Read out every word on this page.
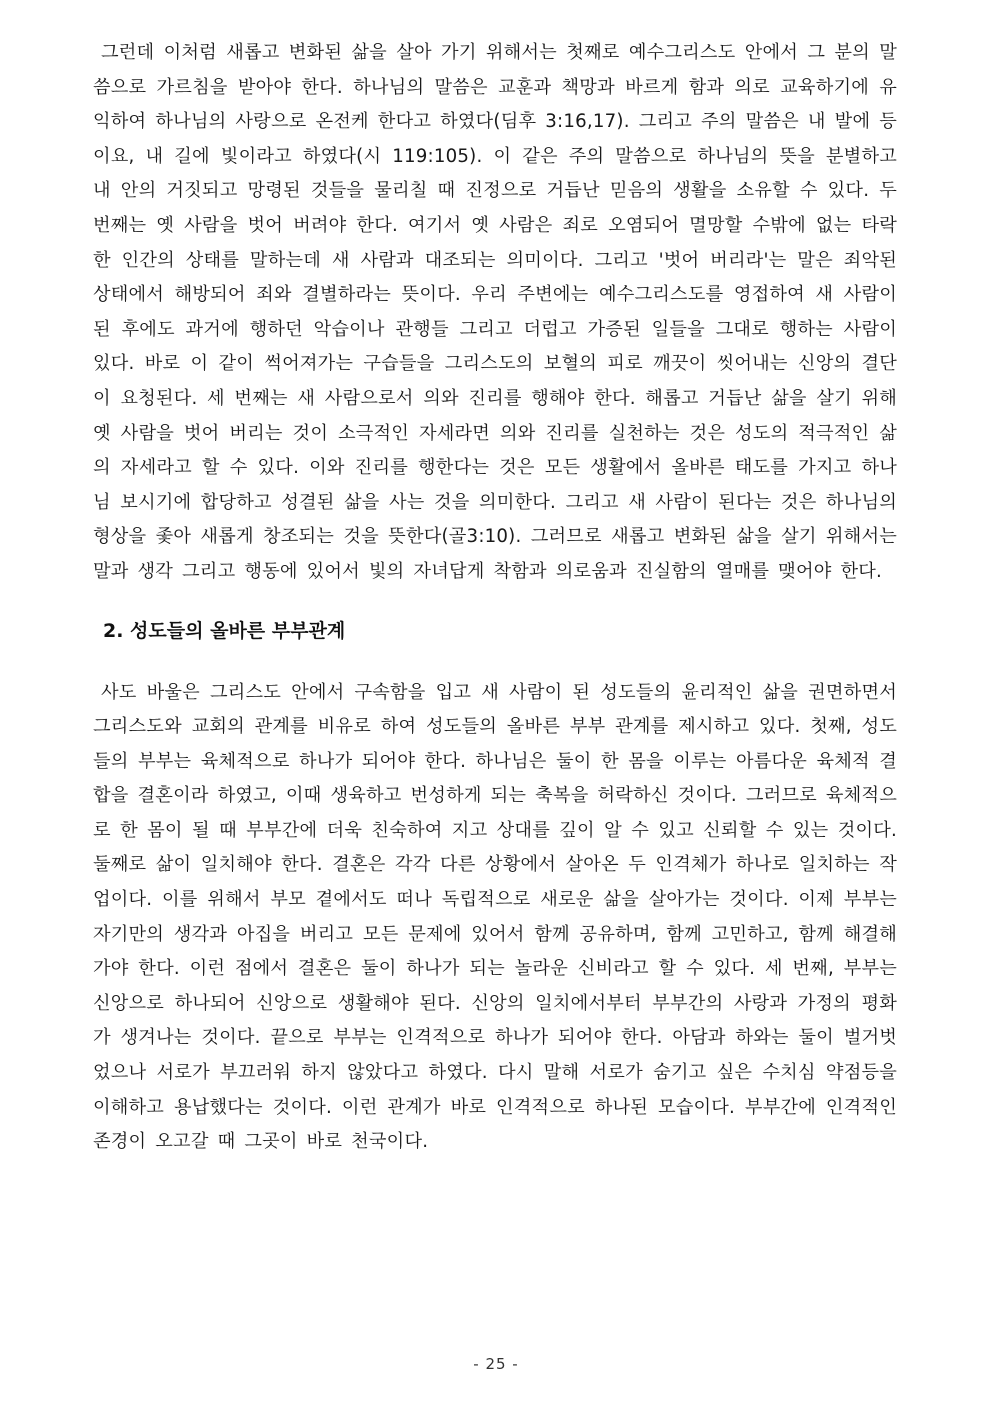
그런데 이처럼 새롭고 변화된 삶을 살아 가기 위해서는 첫째로 예수그리스도 안에서 그 분의 말씀으로 가르침을 받아야 한다. 하나님의 말씀은 교훈과 책망과 바르게 함과 의로 교육하기에 유익하여 하나님의 사랑으로 온전케 한다고 하였다(딤후 3:16,17). 그리고 주의 말씀은 내 발에 등이요, 내 길에 빛이라고 하였다(시 119:105). 이 같은 주의 말씀으로 하나님의 뜻을 분별하고 내 안의 거짓되고 망령된 것들을 물리칠 때 진정으로 거듭난 믿음의 생활을 소유할 수 있다. 두 번째는 옛 사람을 벗어 버려야 한다. 여기서 옛 사람은 죄로 오염되어 멸망할 수밖에 없는 타락한 인간의 상태를 말하는데 새 사람과 대조되는 의미이다. 그리고 '벗어 버리라'는 말은 죄악된 상태에서 해방되어 죄와 결별하라는 뜻이다. 우리 주변에는 예수그리스도를 영접하여 새 사람이 된 후에도 과거에 행하던 악습이나 관행들 그리고 더럽고 가증된 일들을 그대로 행하는 사람이 있다. 바로 이 같이 썩어져가는 구습들을 그리스도의 보혈의 피로 깨끗이 씻어내는 신앙의 결단이 요청된다. 세 번째는 새 사람으로서 의와 진리를 행해야 한다. 해롭고 거듭난 삶을 살기 위해 옛 사람을 벗어 버리는 것이 소극적인 자세라면 의와 진리를 실천하는 것은 성도의 적극적인 삶의 자세라고 할 수 있다. 이와 진리를 행한다는 것은 모든 생활에서 올바른 태도를 가지고 하나님 보시기에 합당하고 성결된 삶을 사는 것을 의미한다. 그리고 새 사람이 된다는 것은 하나님의 형상을 좇아 새롭게 창조되는 것을 뜻한다(골3:10). 그러므로 새롭고 변화된 삶을 살기 위해서는 말과 생각 그리고 행동에 있어서 빛의 자녀답게 착함과 의로움과 진실함의 열매를 맺어야 한다.

2. 성도들의 올바른 부부관계

사도 바울은 그리스도 안에서 구속함을 입고 새 사람이 된 성도들의 윤리적인 삶을 권면하면서 그리스도와 교회의 관계를 비유로 하여 성도들의 올바른 부부 관계를 제시하고 있다. 첫째, 성도들의 부부는 육체적으로 하나가 되어야 한다. 하나님은 둘이 한 몸을 이루는 아름다운 육체적 결합을 결혼이라 하였고, 이때 생육하고 번성하게 되는 축복을 허락하신 것이다. 그러므로 육체적으로 한 몸이 될 때 부부간에 더욱 친숙하여 지고 상대를 깊이 알 수 있고 신뢰할 수 있는 것이다. 둘째로 삶이 일치해야 한다. 결혼은 각각 다른 상황에서 살아온 두 인격체가 하나로 일치하는 작업이다. 이를 위해서 부모 곁에서도 떠나 독립적으로 새로운 삶을 살아가는 것이다. 이제 부부는 자기만의 생각과 아집을 버리고 모든 문제에 있어서 함께 공유하며, 함께 고민하고, 함께 해결해 가야 한다. 이런 점에서 결혼은 둘이 하나가 되는 놀라운 신비라고 할 수 있다. 세 번째, 부부는 신앙으로 하나되어 신앙으로 생활해야 된다. 신앙의 일치에서부터 부부간의 사랑과 가정의 평화가 생겨나는 것이다. 끝으로 부부는 인격적으로 하나가 되어야 한다. 아담과 하와는 둘이 벌거벗었으나 서로가 부끄러워 하지 않았다고 하였다. 다시 말해 서로가 숨기고 싶은 수치심 약점등을 이해하고 용납했다는 것이다. 이런 관계가 바로 인격적으로 하나된 모습이다. 부부간에 인격적인 존경이 오고갈 때 그곳이 바로 천국이다.

- 25 -
